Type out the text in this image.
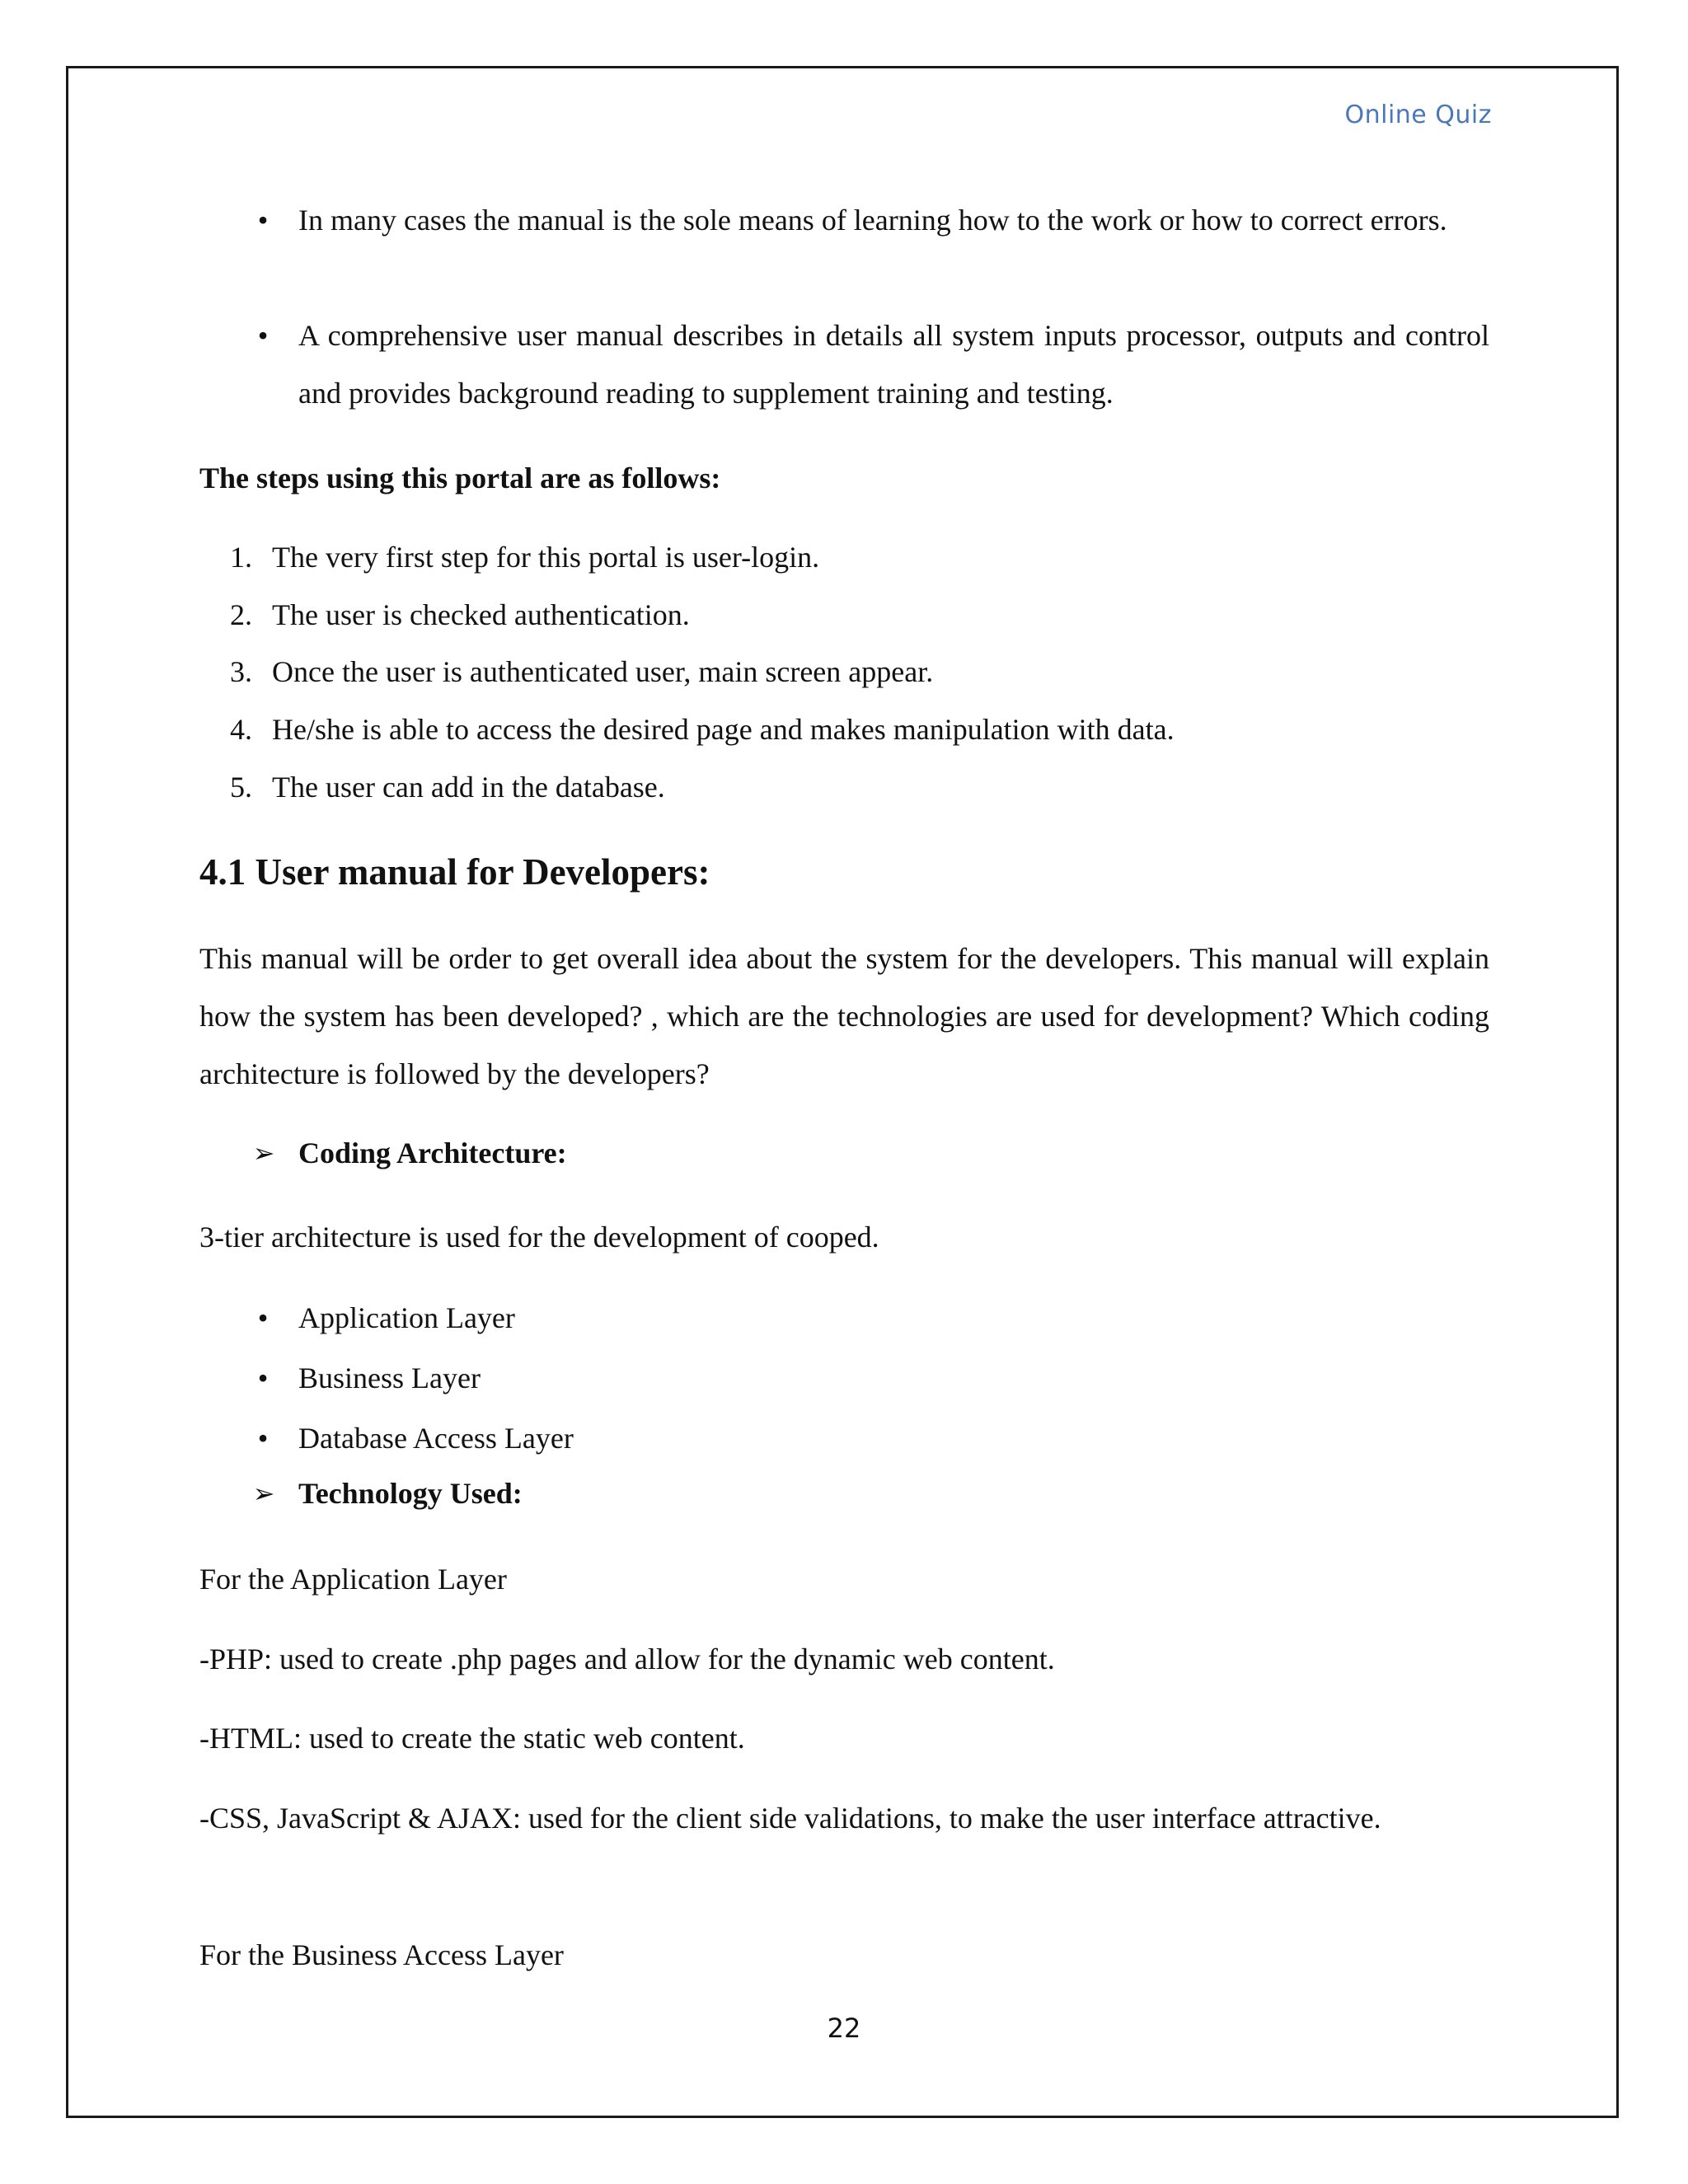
Online Quiz
• In many cases the manual is the sole means of learning how to the work or how to correct errors.
• A comprehensive user manual describes in details all system inputs processor, outputs and control and provides background reading to supplement training and testing.
The steps using this portal are as follows:
1. The very first step for this portal is user-login.
2. The user is checked authentication.
3. Once the user is authenticated user, main screen appear.
4. He/she is able to access the desired page and makes manipulation with data.
5. The user can add in the database.
4.1 User manual for Developers:
This manual will be order to get overall idea about the system for the developers. This manual will explain how the system has been developed? , which are the technologies are used for development? Which coding architecture is followed by the developers?
➢ Coding Architecture:
3-tier architecture is used for the development of cooped.
• Application Layer
• Business Layer
• Database Access Layer
➢ Technology Used:
For the Application Layer
-PHP: used to create .php pages and allow for the dynamic web content.
-HTML: used to create the static web content.
-CSS, JavaScript & AJAX: used for the client side validations, to make the user interface attractive.
For the Business Access Layer
22
